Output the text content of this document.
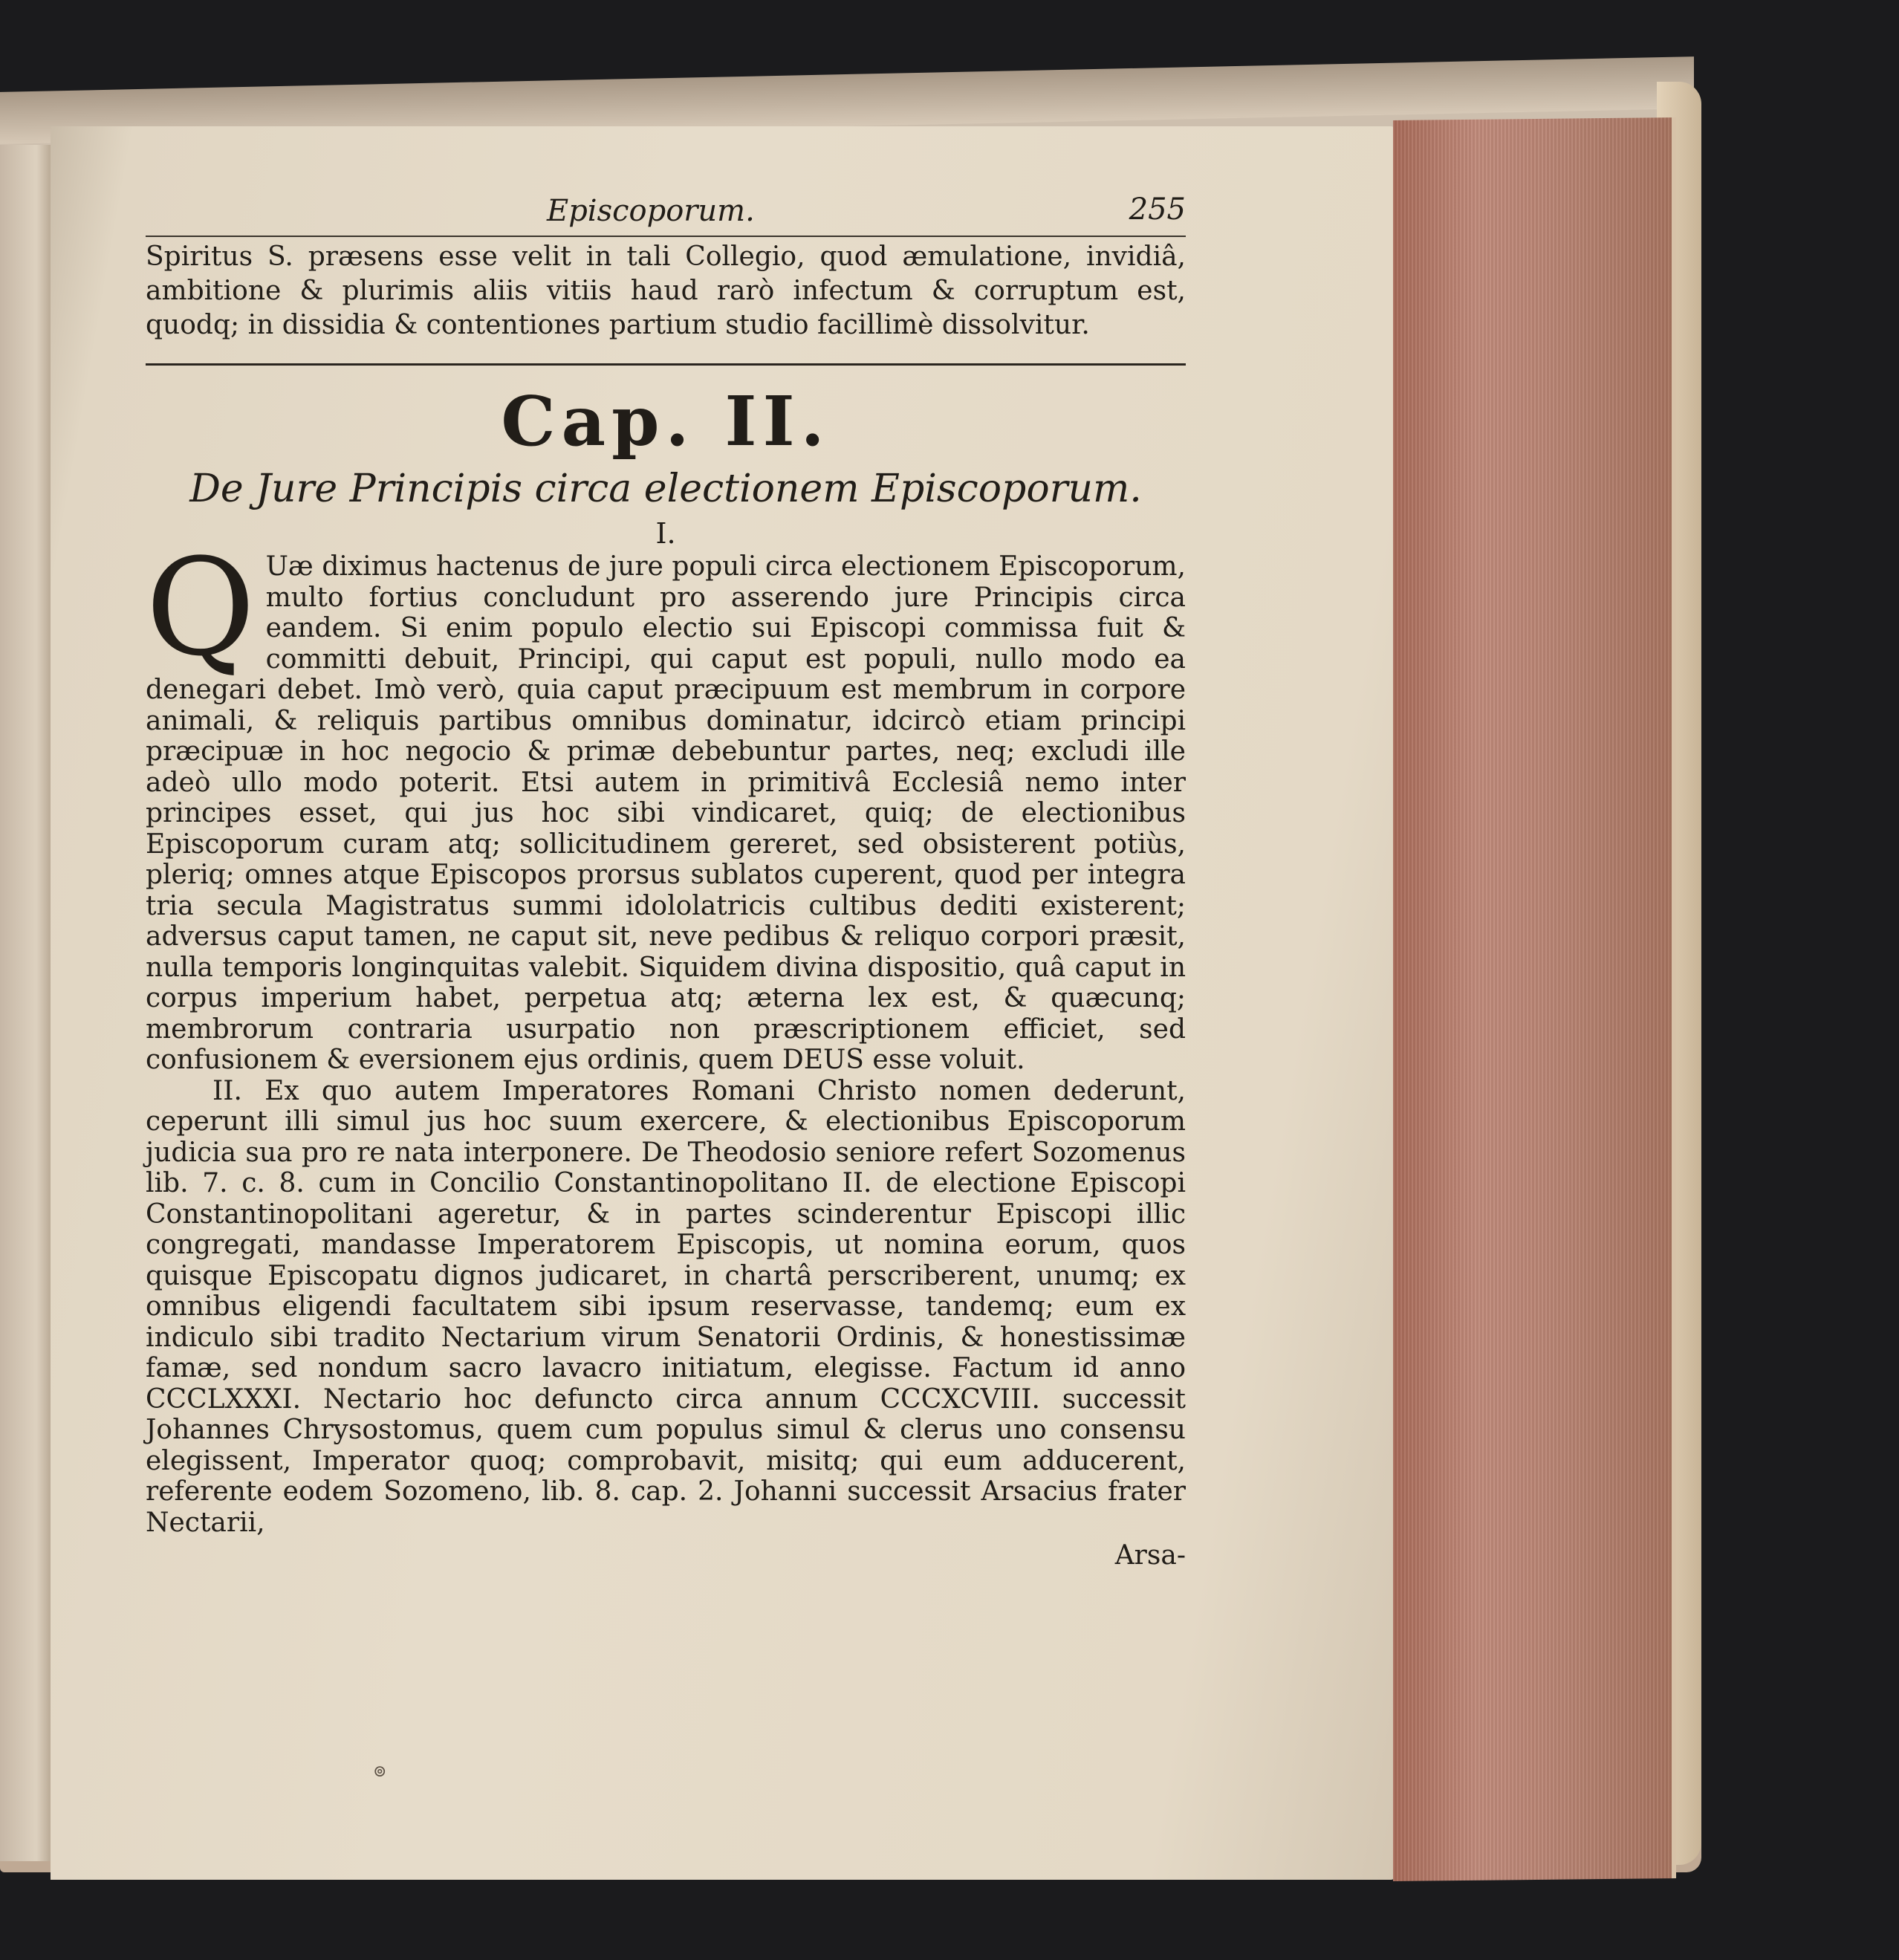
Episcoporum.	255

Spiritus S. præsens esse velit in tali Collegio, quod æmulatione, invidiâ, ambitione & plurimis aliis vitiis haud rarò infectum & corruptum est, quodq; in dissidia & contentiones partium studio facillimè dissolvitur.

Cap. II.
De Jure Principis circa electionem Episcoporum.
I.
Q Uæ diximus hactenus de jure populi circa electionem Episcoporum, multo fortius concludunt pro asserendo jure Principis circa eandem. Si enim populo electio sui Episcopi commissa fuit & committi debuit, Principi, qui caput est populi, nullo modo ea denegari debet. Imò verò, quia caput præcipuum est membrum in corpore animali, & reliquis partibus omnibus dominatur, idcircò etiam principi præcipuæ in hoc negocio & primæ debebuntur partes, neq; excludi ille adeò ullo modo poterit. Etsi autem in primitivâ Ecclesiâ nemo inter principes esset, qui jus hoc sibi vindicaret, quiq; de electionibus Episcoporum curam atq; sollicitudinem gereret, sed obsisterent potiùs, pleriq; omnes atque Episcopos prorsus sublatos cuperent, quod per integra tria secula Magistratus summi idololatricis cultibus dediti existerent; adversus caput tamen, ne caput sit, neve pedibus & reliquo corpori præsit, nulla temporis longinquitas valebit. Siquidem divina dispositio, quâ caput in corpus imperium habet, perpetua atq; æterna lex est, & quæcunq; membrorum contraria usurpatio non præscriptionem efficiet, sed confusionem & eversionem ejus ordinis, quem DEUS esse voluit.

II. Ex quo autem Imperatores Romani Christo nomen dederunt, ceperunt illi simul jus hoc suum exercere, & electionibus Episcoporum judicia sua pro re nata interponere. De Theodosio seniore refert Sozomenus lib. 7. c. 8. cum in Concilio Constantinopolitano II. de electione Episcopi Constantinopolitani ageretur, & in partes scinderentur Episcopi illic congregati, mandasse Imperatorem Episcopis, ut nomina eorum, quos quisque Episcopatu dignos judicaret, in chartâ perscriberent, unumq; ex omnibus eligendi facultatem sibi ipsum reservasse, tandemq; eum ex indiculo sibi tradito Nectarium virum Senatorii Ordinis, & honestissimæ famæ, sed nondum sacro lavacro initiatum, elegisse. Factum id anno CCCLXXXI. Nectario hoc defuncto circa annum CCCXCVIII. successit Johannes Chrysostomus, quem cum populus simul & clerus uno consensu elegissent, Imperator quoq; comprobavit, misitq; qui eum adducerent, referente eodem Sozomeno, lib. 8. cap. 2. Johanni successit Arsacius frater Nectarii,

Arsa-
⊚
